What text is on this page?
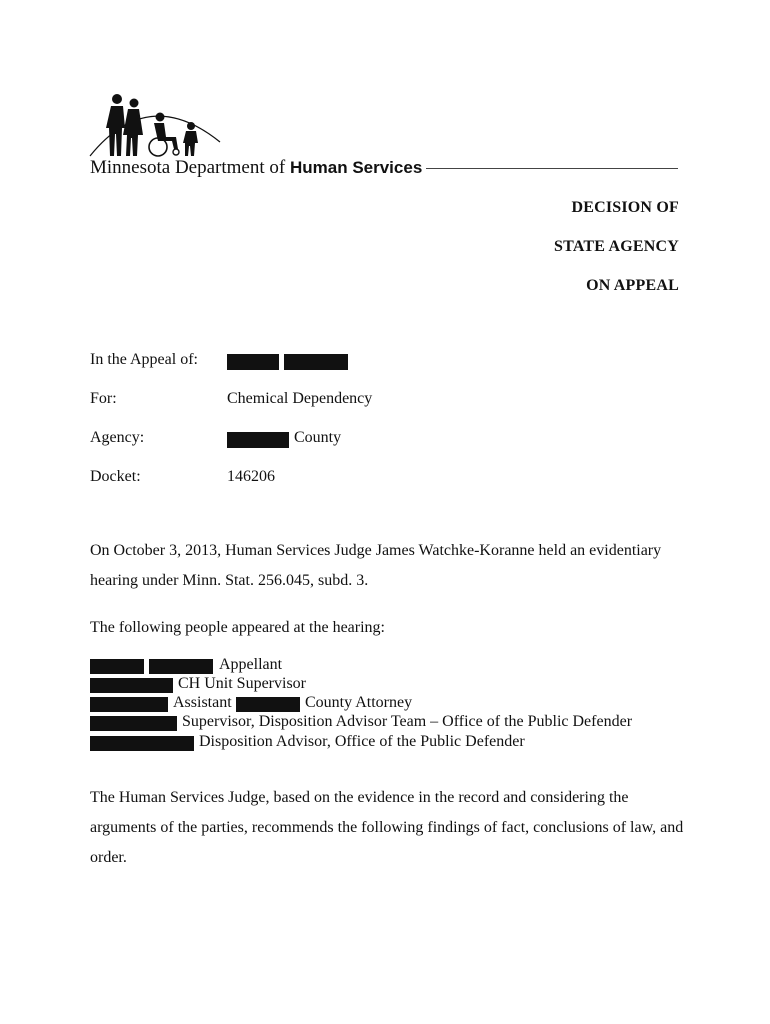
Minnesota Department of Human Services
DECISION OF
STATE AGENCY
ON APPEAL
In the Appeal of:
For:	Chemical Dependency
Agency:	County
Docket:	146206
On October 3, 2013, Human Services Judge James Watchke-Koranne held an evidentiary hearing under Minn. Stat. 256.045, subd. 3.
The following people appeared at the hearing:
Appellant
CH Unit Supervisor
Assistant	County Attorney
Supervisor, Disposition Advisor Team – Office of the Public Defender
Disposition Advisor, Office of the Public Defender
The Human Services Judge, based on the evidence in the record and considering the arguments of the parties, recommends the following findings of fact, conclusions of law, and order.
